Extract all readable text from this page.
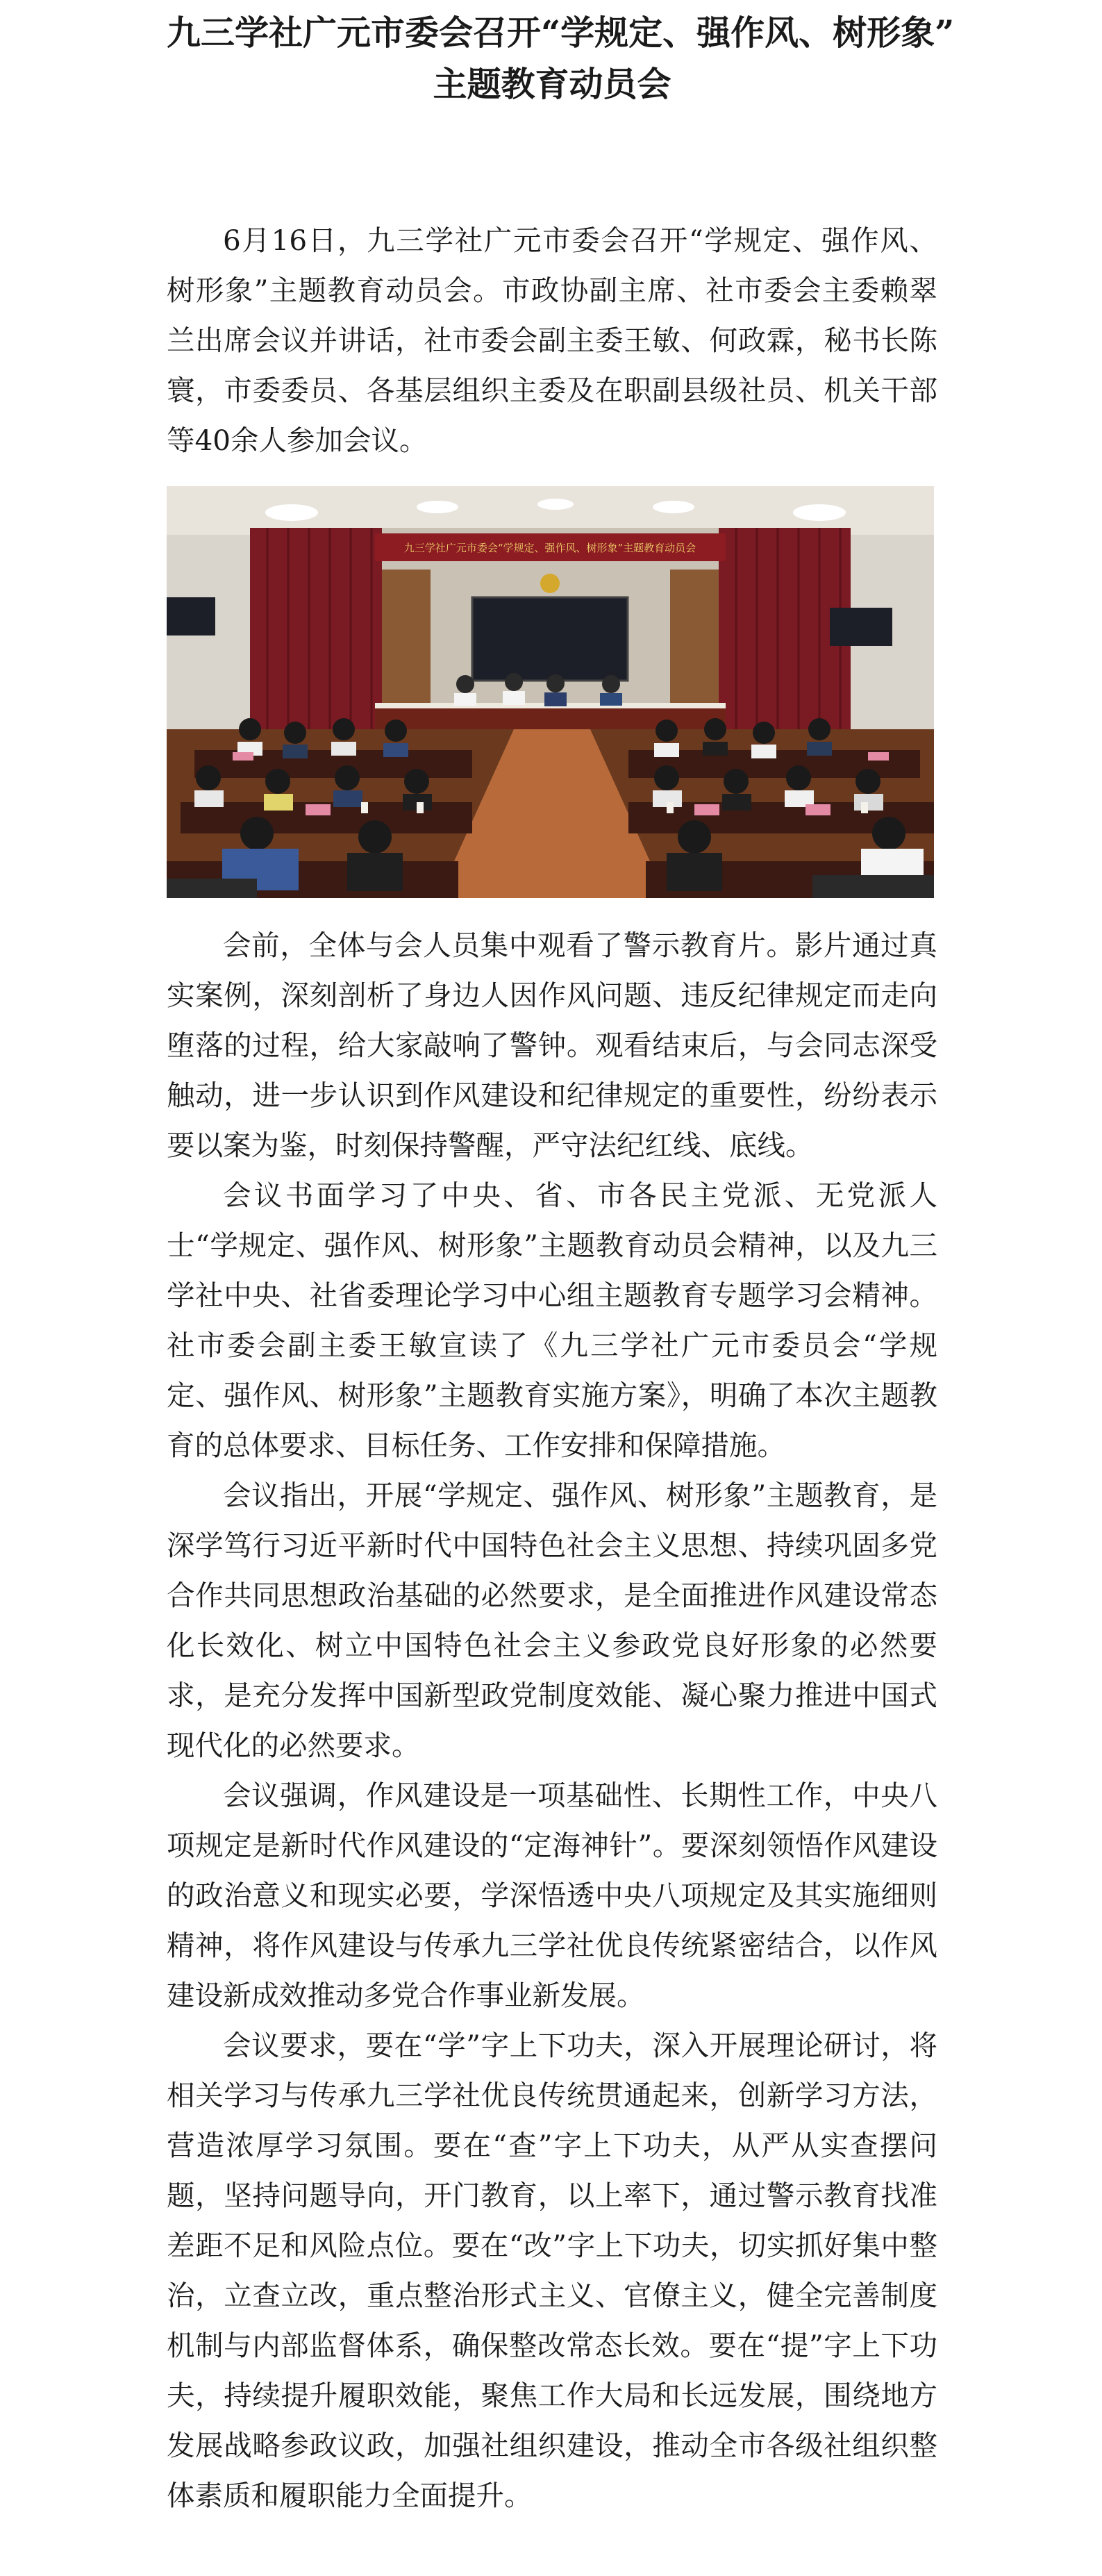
九三学社广元市委会召开“学规定、强作风、树形象”
主题教育动员会

6月16日，九三学社广元市委会召开“学规定、强作风、树形象”主题教育动员会。市政协副主席、社市委会主委赖翠兰出席会议并讲话，社市委会副主委王敏、何政霖，秘书长陈寰，市委委员、各基层组织主委及在职副县级社员、机关干部等40余人参加会议。

九三学社广元市委会“学规定、强作风、树形象”主题教育动员会

会前，全体与会人员集中观看了警示教育片。影片通过真实案例，深刻剖析了身边人因作风问题、违反纪律规定而走向堕落的过程，给大家敲响了警钟。观看结束后，与会同志深受触动，进一步认识到作风建设和纪律规定的重要性，纷纷表示要以案为鉴，时刻保持警醒，严守法纪红线、底线。

会议书面学习了中央、省、市各民主党派、无党派人士“学规定、强作风、树形象”主题教育动员会精神，以及九三学社中央、社省委理论学习中心组主题教育专题学习会精神。社市委会副主委王敏宣读了《九三学社广元市委员会“学规定、强作风、树形象”主题教育实施方案》，明确了本次主题教育的总体要求、目标任务、工作安排和保障措施。

会议指出，开展“学规定、强作风、树形象”主题教育，是深学笃行习近平新时代中国特色社会主义思想、持续巩固多党合作共同思想政治基础的必然要求，是全面推进作风建设常态化长效化、树立中国特色社会主义参政党良好形象的必然要求，是充分发挥中国新型政党制度效能、凝心聚力推进中国式现代化的必然要求。

会议强调，作风建设是一项基础性、长期性工作，中央八项规定是新时代作风建设的“定海神针”。要深刻领悟作风建设的政治意义和现实必要，学深悟透中央八项规定及其实施细则精神，将作风建设与传承九三学社优良传统紧密结合，以作风建设新成效推动多党合作事业新发展。

会议要求，要在“学”字上下功夫，深入开展理论研讨，将相关学习与传承九三学社优良传统贯通起来，创新学习方法，营造浓厚学习氛围。要在“查”字上下功夫，从严从实查摆问题，坚持问题导向，开门教育，以上率下，通过警示教育找准差距不足和风险点位。要在“改”字上下功夫，切实抓好集中整治，立查立改，重点整治形式主义、官僚主义，健全完善制度机制与内部监督体系，确保整改常态长效。要在“提”字上下功夫，持续提升履职效能，聚焦工作大局和长远发展，围绕地方发展战略参政议政，加强社组织建设，推动全市各级社组织整体素质和履职能力全面提升。
